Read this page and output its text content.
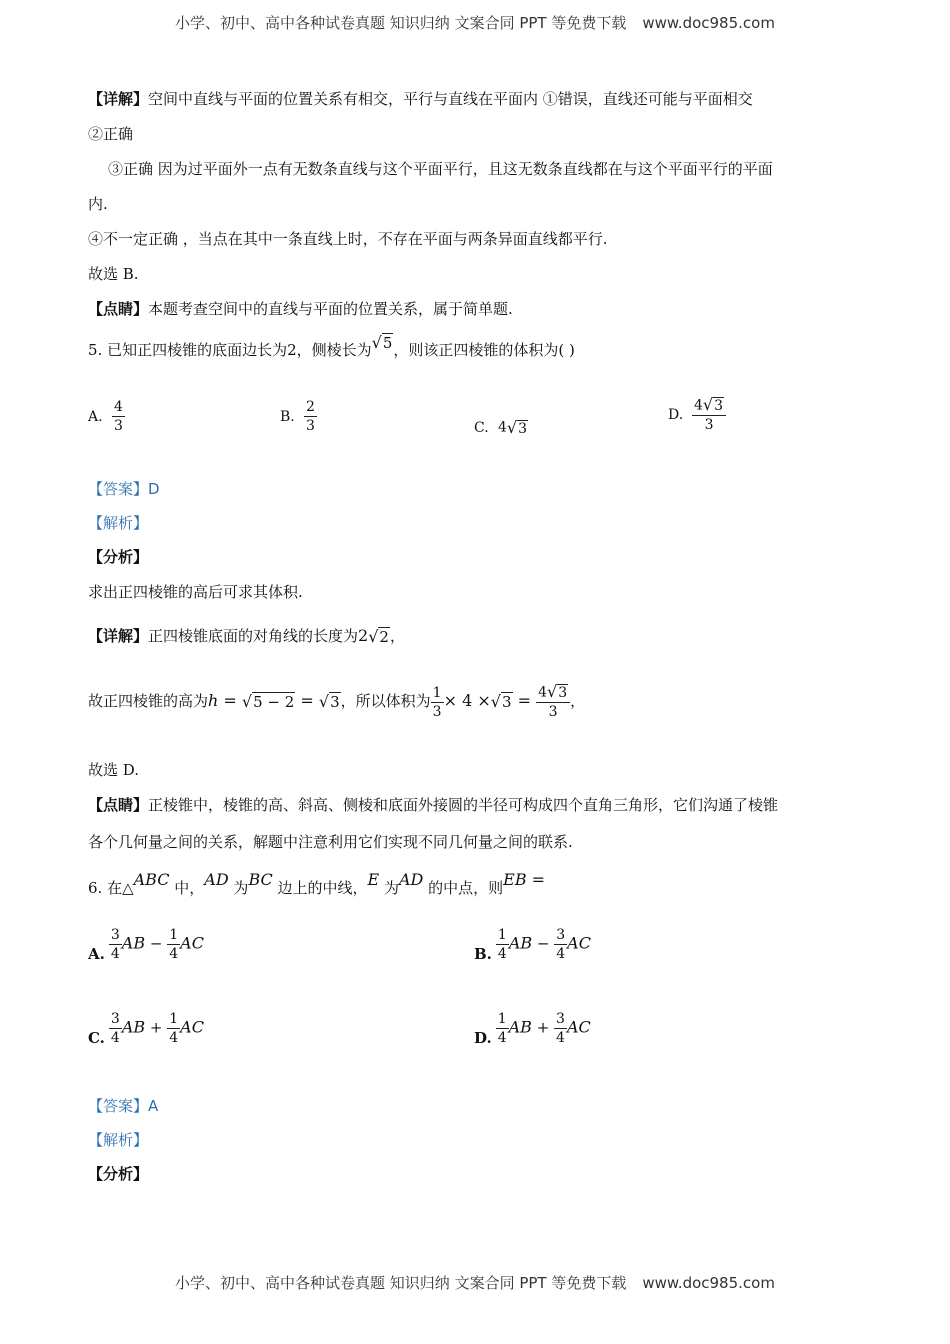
小学、初中、高中各种试卷真题 知识归纳 文案合同 PPT 等免费下载 www.doc985.com
【详解】空间中直线与平面的位置关系有相交，平行与直线在平面内 ①错误，直线还可能与平面相交
②正确
③正确 因为过平面外一点有无数条直线与这个平面平行，且这无数条直线都在与这个平面平行的平面
内.
④不一定正确 ，当点在其中一条直线上时，不存在平面与两条异面直线都平行.
故选 B.
【点睛】本题考查空间中的直线与平面的位置关系，属于简单题.
5. 已知正四棱锥的底面边长为2，侧棱长为√5，则该正四棱锥的体积为( )
A. $\frac{4}{3}$	B. $\frac{2}{3}$	C. 4√3
D. $\frac{4√3}{3}$
【答案】D
【解析】
【分析】
求出正四棱锥的高后可求其体积.
【详解】正四棱锥底面的对角线的长度为2√2，
故正四棱锥的高为h = √5 − 2 = √3，所以体积为 $\frac{1}{3} \times 4 \times√3 = \frac{4√3}{3}$ ，
故选 D.
【点睛】正棱锥中，棱锥的高、斜高、侧棱和底面外接圆的半径可构成四个直角三角形，它们沟通了棱锥
各个几何量之间的关系，解题中注意利用它们实现不同几何量之间的联系.
6. 在△ABC 中，AD 为BC 边上的中线，E 为AD 的中点，则EB =
A. $\frac{3}{4}$ AB − $\frac{1}{4}$ AC
B. $\frac{1}{4}$ AB − $\frac{3}{4}$ AC
C. $\frac{3}{4}$ AB + $\frac{1}{4}$ AC
D. $\frac{1}{4}$ AB + $\frac{3}{4}$ AC
【答案】A
【解析】
【分析】
小学、初中、高中各种试卷真题 知识归纳 文案合同 PPT 等免费下载 www.doc985.com
